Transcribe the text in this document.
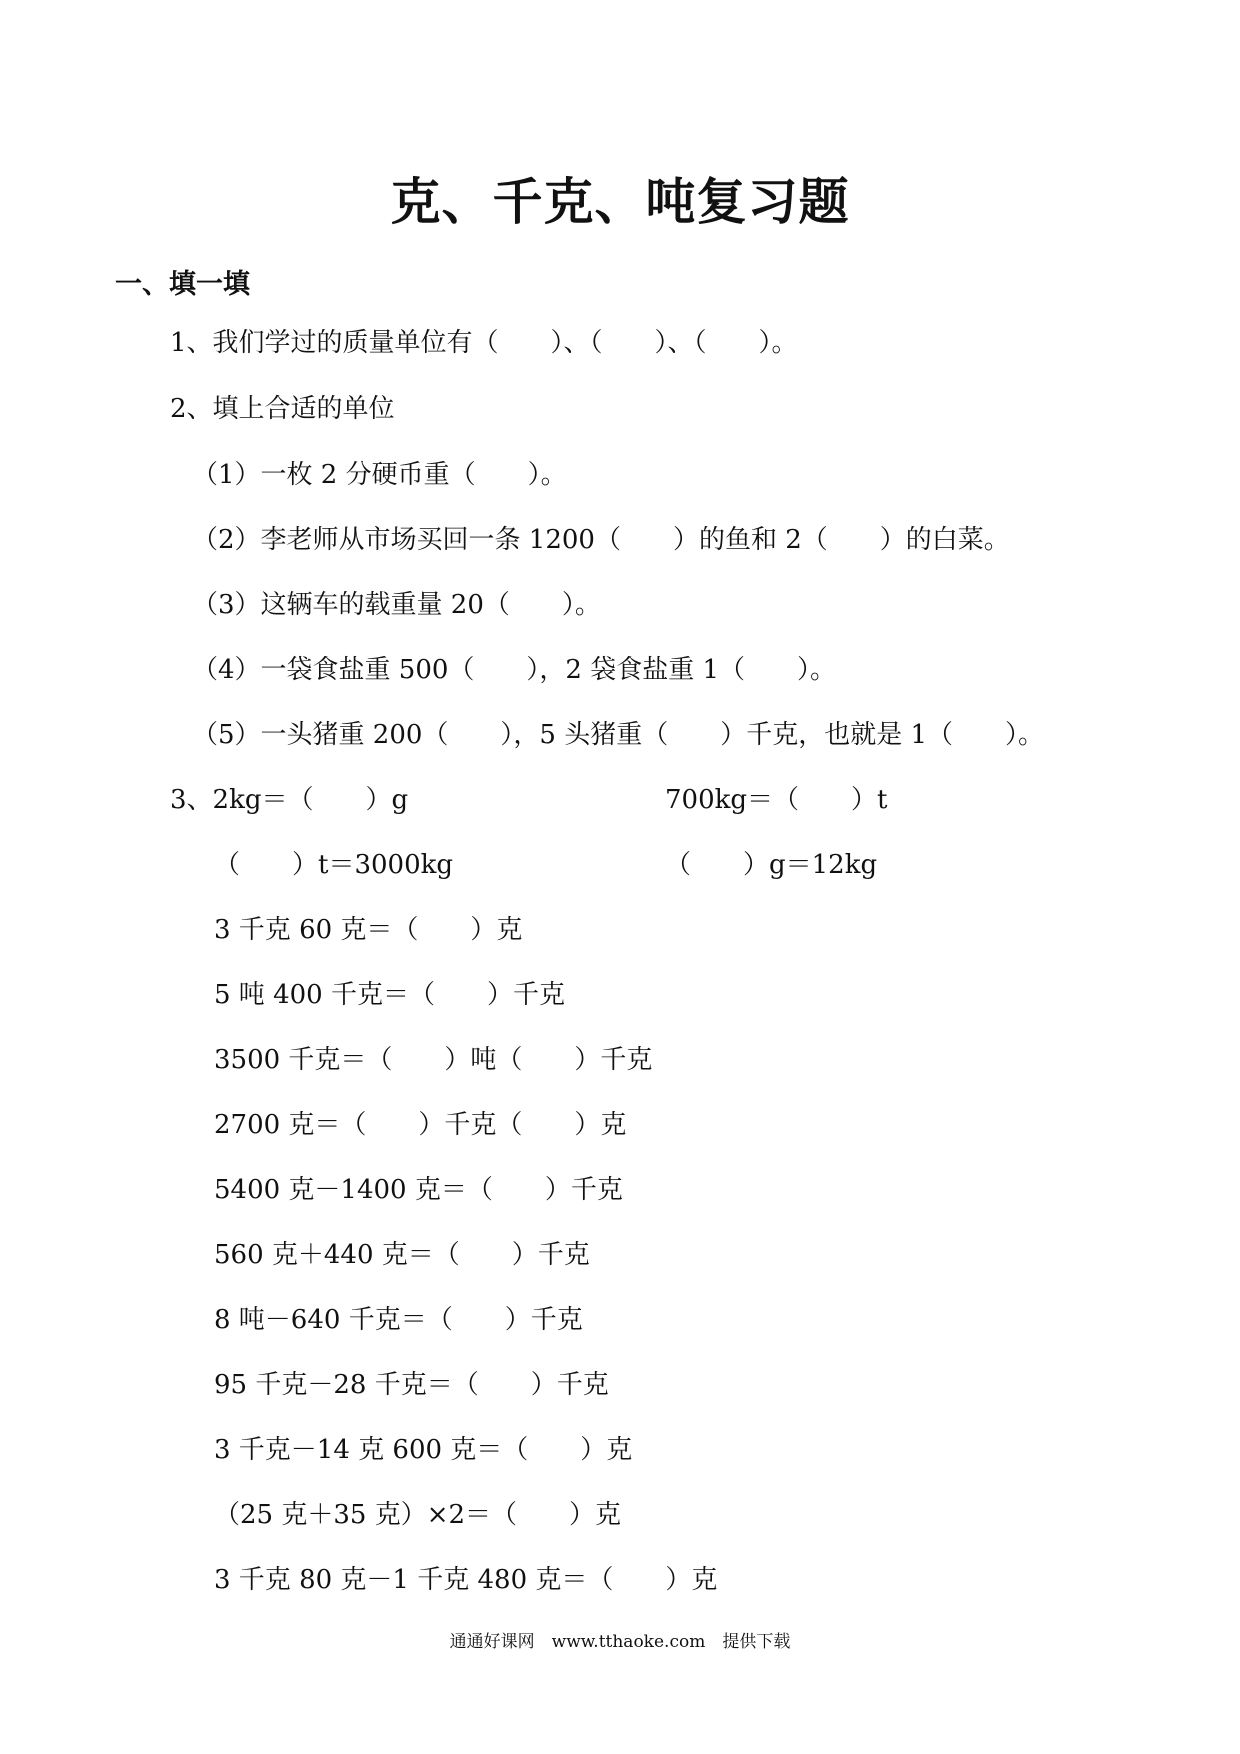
克、千克、吨复习题
一、填一填
1、我们学过的质量单位有（　　）、（　　）、（　　）。
2、填上合适的单位
（1）一枚 2 分硬币重（　　）。
（2）李老师从市场买回一条 1200（　　）的鱼和 2（　　）的白菜。
（3）这辆车的载重量 20（　　）。
（4）一袋食盐重 500（　　），2 袋食盐重 1（　　）。
（5）一头猪重 200（　　），5 头猪重（　　）千克，也就是 1（　　）。
3、2kg＝（　　）g	700kg＝（　　）t
（　　）t＝3000kg	（　　）g＝12kg
3 千克 60 克＝（　　）克
5 吨 400 千克＝（　　）千克
3500 千克＝（　　）吨（　　）千克
2700 克＝（　　）千克（　　）克
5400 克－1400 克＝（　　）千克
560 克＋440 克＝（　　）千克
8 吨－640 千克＝（　　）千克
95 千克－28 千克＝（　　）千克
3 千克－14 克 600 克＝（　　）克
（25 克＋35 克）×2＝（　　）克
3 千克 80 克－1 千克 480 克＝（　　）克
通通好课网　www.tthaoke.com　提供下载
